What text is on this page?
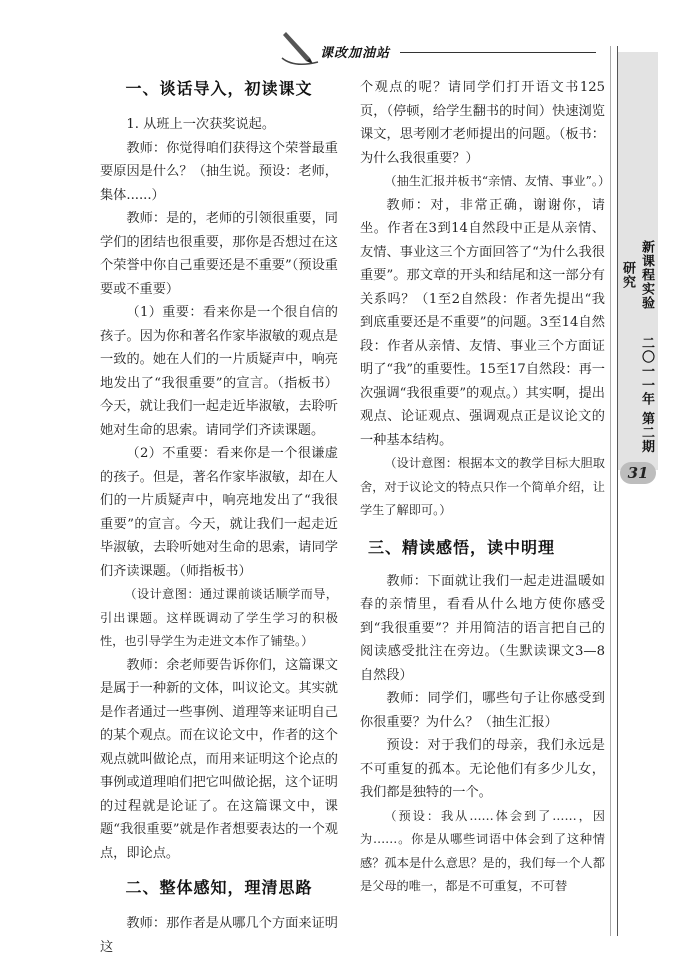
课改加油站
新课程实验研究
二〇一一年 第二期
31
一、谈话导入，初读课文

1. 从班上一次获奖说起。

教师：你觉得咱们获得这个荣誉最重要原因是什么？（抽生说。预设：老师，集体......）

教师：是的，老师的引领很重要，同学们的团结也很重要，那你是否想过在这个荣誉中你自己重要还是不重要”（预设重要或不重要）

（1）重要：看来你是一个很自信的孩子。因为你和著名作家毕淑敏的观点是一致的。她在人们的一片质疑声中，响亮地发出了“我很重要”的宣言。（指板书）今天，就让我们一起走近毕淑敏，去聆听她对生命的思索。请同学们齐读课题。

（2）不重要：看来你是一个很谦虚的孩子。但是，著名作家毕淑敏，却在人们的一片质疑声中，响亮地发出了“我很重要”的宣言。今天，就让我们一起走近毕淑敏，去聆听她对生命的思索，请同学们齐读课题。（师指板书）

（设计意图：通过课前谈话顺学而导，引出课题。这样既调动了学生学习的积极性，也引导学生为走进文本作了铺垫。）

教师：余老师要告诉你们，这篇课文是属于一种新的文体，叫议论文。其实就是作者通过一些事例、道理等来证明自己的某个观点。而在议论文中，作者的这个观点就叫做论点，而用来证明这个论点的事例或道理咱们把它叫做论据，这个证明的过程就是论证了。在这篇课文中，课题“我很重要”就是作者想要表达的一个观点，即论点。

二、整体感知，理清思路

教师：那作者是从哪几个方面来证明这

个观点的呢？请同学们打开语文书125页，（停顿，给学生翻书的时间）快速浏览课文，思考刚才老师提出的问题。（板书：为什么我很重要？）

（抽生汇报并板书“亲情、友情、事业”。）

教师：对，非常正确，谢谢你，请坐。作者在3到14自然段中正是从亲情、友情、事业这三个方面回答了“为什么我很重要”。那文章的开头和结尾和这一部分有关系吗？（1至2自然段：作者先提出“我到底重要还是不重要”的问题。3至14自然段：作者从亲情、友情、事业三个方面证明了“我”的重要性。15至17自然段：再一次强调“我很重要”的观点。）其实啊，提出观点、论证观点、强调观点正是议论文的一种基本结构。

（设计意图：根据本文的教学目标大胆取舍，对于议论文的特点只作一个简单介绍，让学生了解即可。）

三、精读感悟，读中明理

教师：下面就让我们一起走进温暖如春的亲情里，看看从什么地方使你感受到“我很重要”？并用简洁的语言把自己的阅读感受批注在旁边。（生默读课文3—8自然段）

教师：同学们，哪些句子让你感受到你很重要？为什么？（抽生汇报）

预设：对于我们的母亲，我们永远是不可重复的孤本。无论他们有多少儿女，我们都是独特的一个。

（预设：我从……体会到了……，因为……。你是从哪些词语中体会到了这种情感？孤本是什么意思？是的，我们每一个人都是父母的唯一，都是不可重复，不可替
